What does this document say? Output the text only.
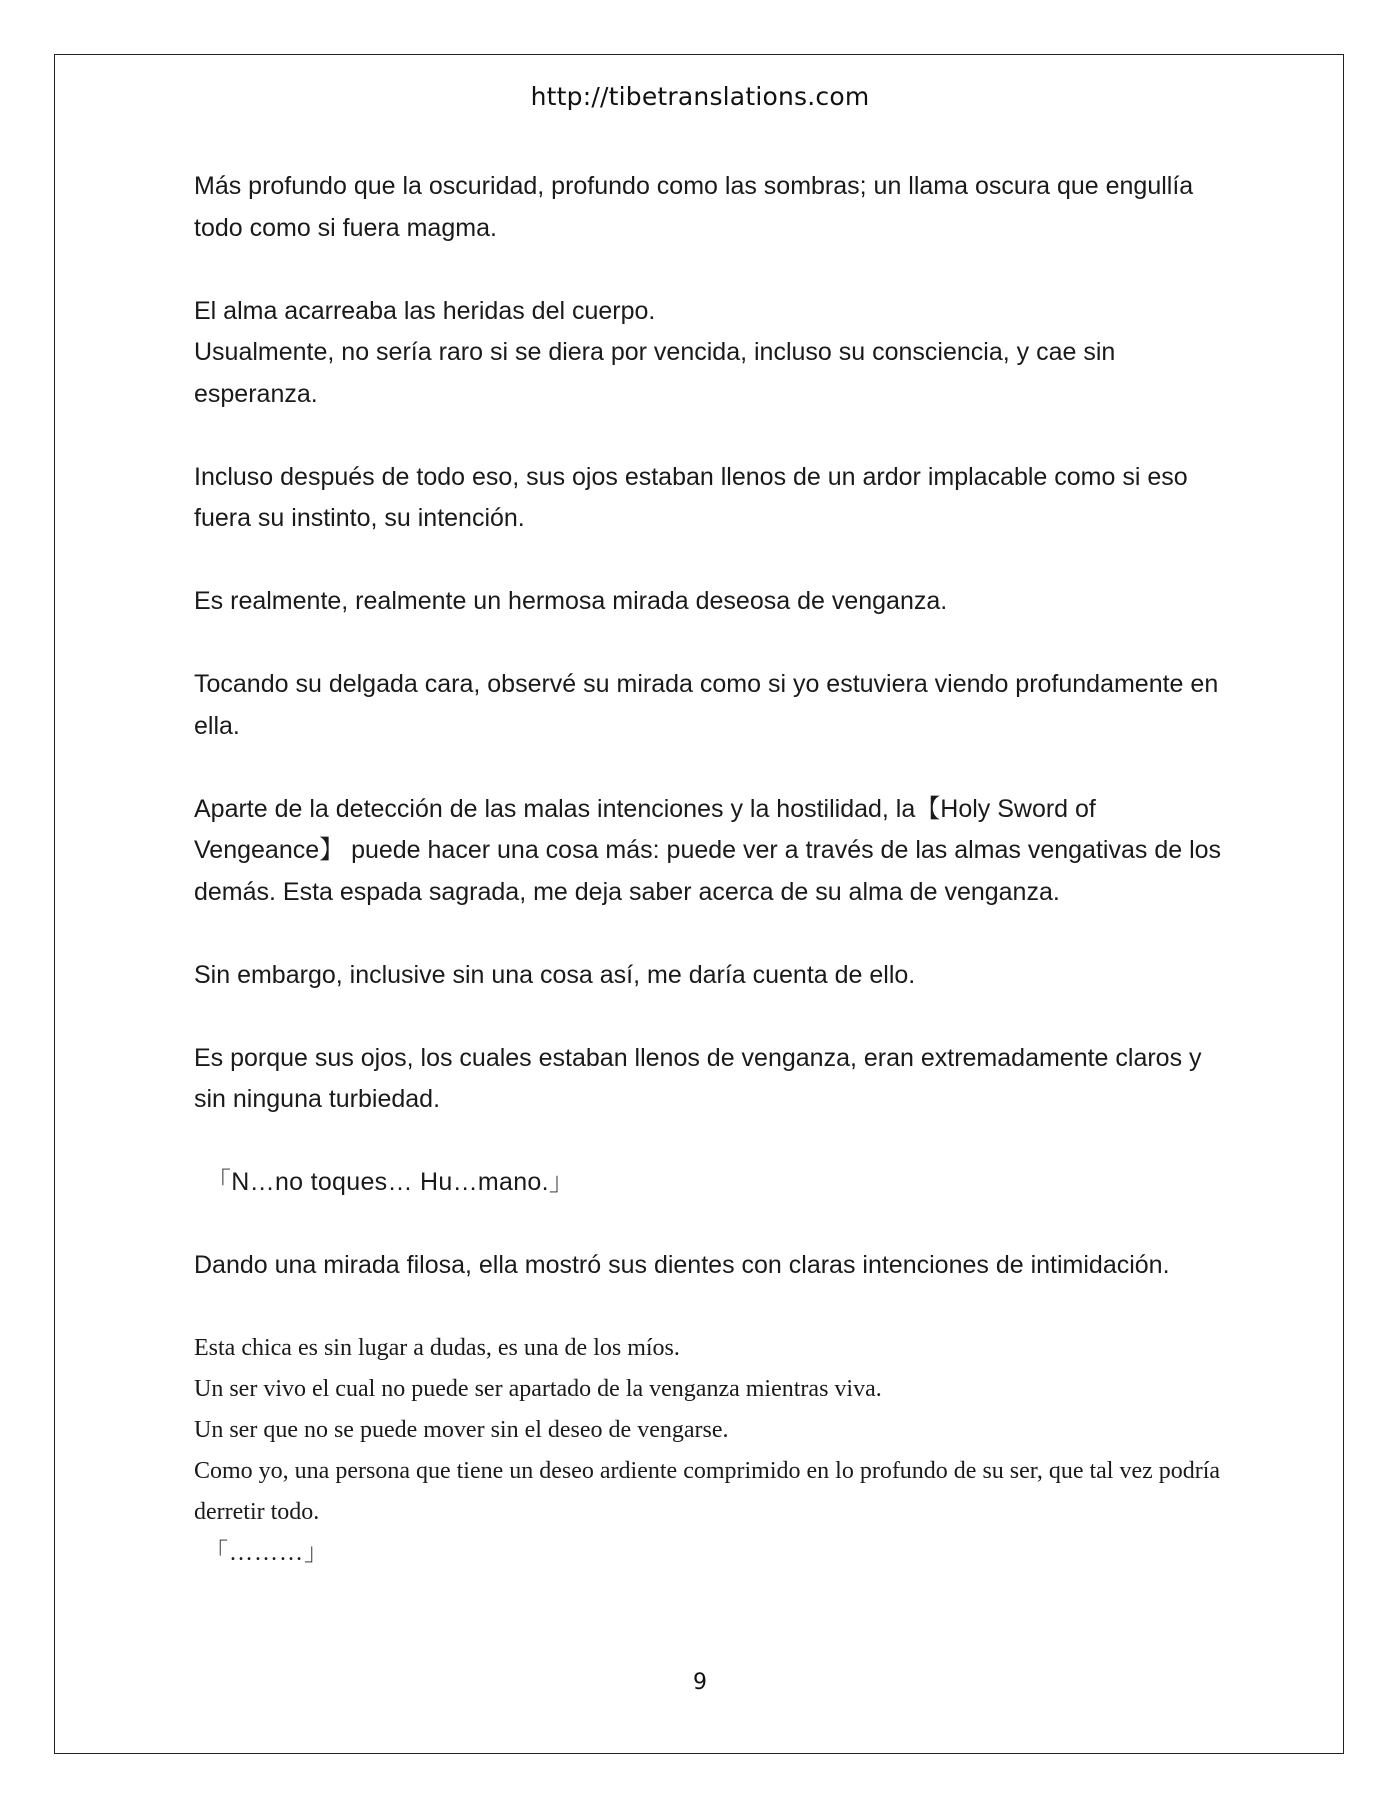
http://tibetranslations.com

Más profundo que la oscuridad, profundo como las sombras; un llama oscura que engullía todo como si fuera magma.

El alma acarreaba las heridas del cuerpo.

Usualmente, no sería raro si se diera por vencida, incluso su consciencia, y cae sin esperanza.

Incluso después de todo eso, sus ojos estaban llenos de un ardor implacable como si eso fuera su instinto, su intención.

Es realmente, realmente un hermosa mirada deseosa de venganza.

Tocando su delgada cara, observé su mirada como si yo estuviera viendo profundamente en ella.

Aparte de la detección de las malas intenciones y la hostilidad, la【Holy Sword of Vengeance】 puede hacer una cosa más: puede ver a través de las almas vengativas de los demás. Esta espada sagrada, me deja saber acerca de su alma de venganza.

Sin embargo, inclusive sin una cosa así, me daría cuenta de ello.

Es porque sus ojos, los cuales estaban llenos de venganza, eran extremadamente claros y sin ninguna turbiedad.

「N…no toques… Hu…mano.」

Dando una mirada filosa, ella mostró sus dientes con claras intenciones de intimidación.

Esta chica es sin lugar a dudas, es una de los míos.
Un ser vivo el cual no puede ser apartado de la venganza mientras viva.
Un ser que no se puede mover sin el deseo de vengarse.
Como yo, una persona que tiene un deseo ardiente comprimido en lo profundo de su ser, que tal vez podría derretir todo.
「………」
9
